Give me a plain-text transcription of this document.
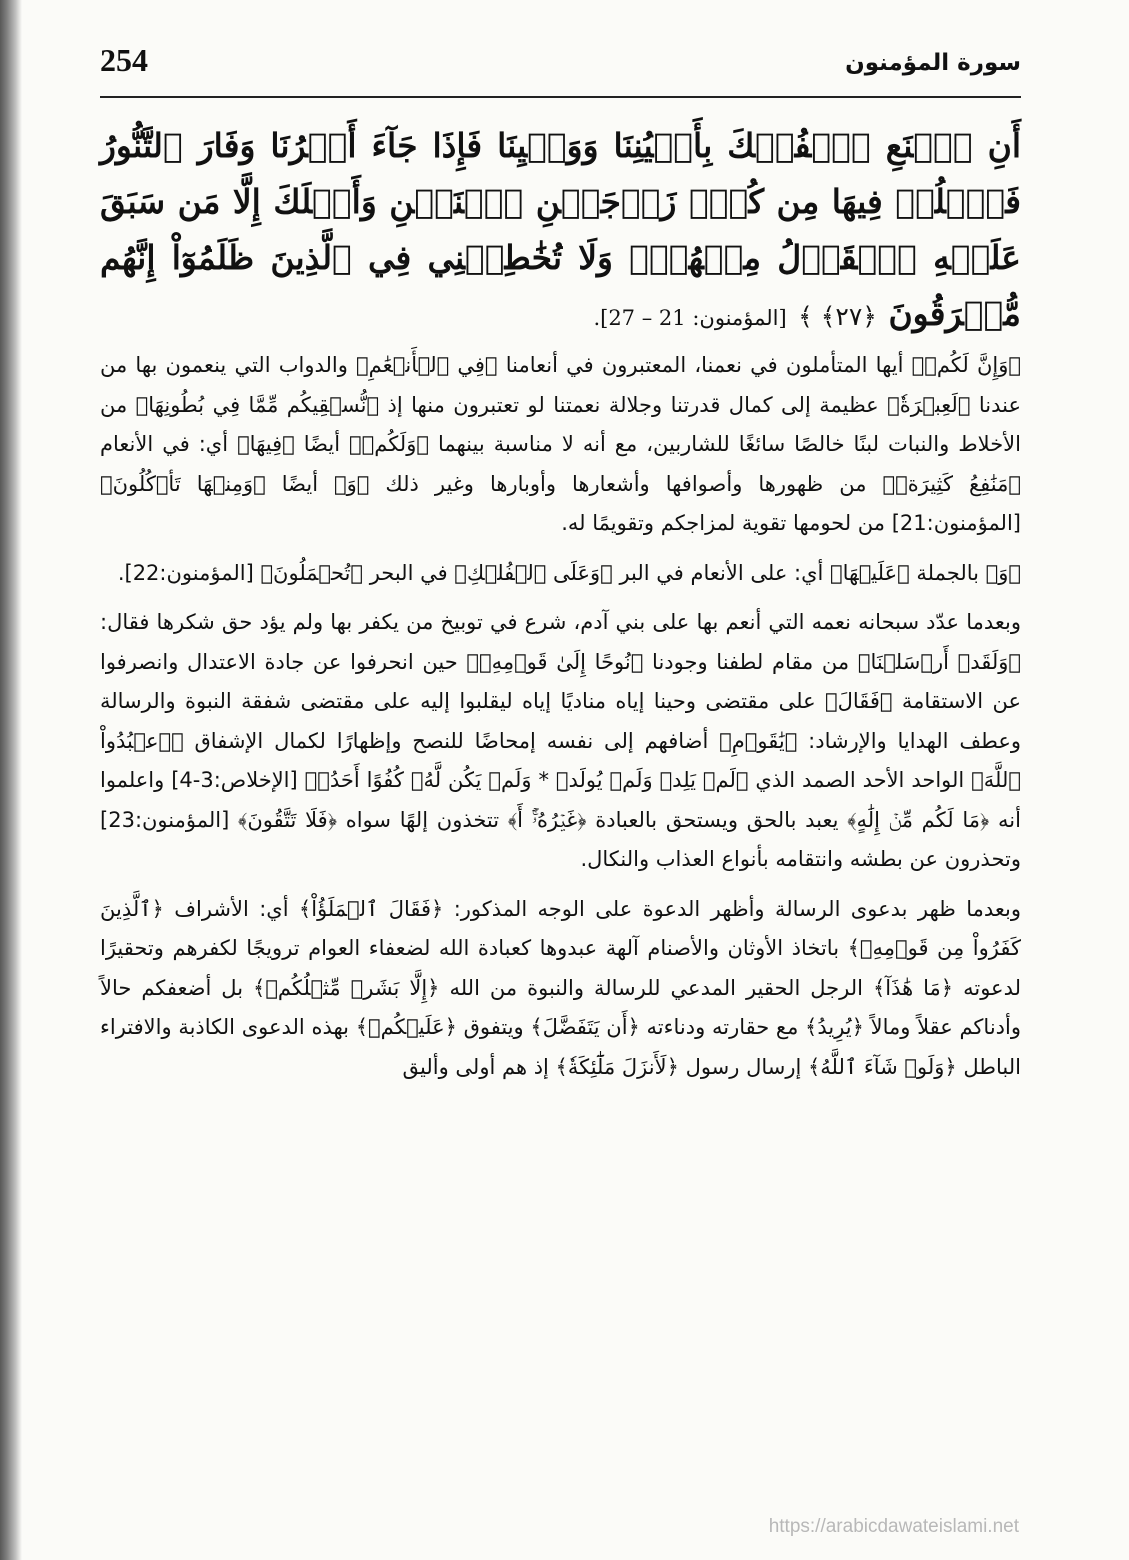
254	سورة المؤمنون

أَنِ ٱصۡنَعِ ٱلۡفُلۡكَ بِأَعۡيُنِنَا وَوَحۡيِنَا فَإِذَا جَآءَ أَمۡرُنَا وَفَارَ ٱلتَّنُّورُ فَٱسۡلُكۡ فِيهَا مِن كُلّٖ زَوۡجَيۡنِ ٱثۡنَيۡنِ وَأَهۡلَكَ إِلَّا مَن سَبَقَ عَلَيۡهِ ٱلۡقَوۡلُ مِنۡهُمۡۖ وَلَا تُخَٰطِبۡنِي فِي ٱلَّذِينَ ظَلَمُوٓاْ إِنَّهُم مُّغۡرَقُونَ ﴿٢٧﴾ ﴾ [المؤمنون: 21 – 27].

﴿وَإِنَّ لَكُمۡ﴾ أيها المتأملون في نعمنا، المعتبرون في أنعامنا ﴿فِي ٱلۡأَنۡعَٰمِ﴾ والدواب التي ينعمون بها من عندنا ﴿لَعِبۡرَةٗ﴾ عظيمة إلى كمال قدرتنا وجلالة نعمتنا لو تعتبرون منها إذ ﴿نُّسۡقِيكُم مِّمَّا فِي بُطُونِهَا﴾ من الأخلاط والنبات لبنًا خالصًا سائغًا للشاربين، مع أنه لا مناسبة بينهما ﴿وَلَكُمۡ﴾ أيضًا ﴿فِيهَا﴾ أي: في الأنعام ﴿مَنَٰفِعُ كَثِيرَةٞ﴾ من ظهورها وأصوافها وأشعارها وأوبارها وغير ذلك ﴿وَ﴾ أيضًا ﴿وَمِنۡهَا تَأۡكُلُونَ﴾ [المؤمنون:21] من لحومها تقوية لمزاجكم وتقويمًا له.

﴿وَ﴾ بالجملة ﴿عَلَيۡهَا﴾ أي: على الأنعام في البر ﴿وَعَلَى ٱلۡفُلۡكِ﴾ في البحر ﴿تُحۡمَلُونَ﴾ [المؤمنون:22].

وبعدما عدّد سبحانه نعمه التي أنعم بها على بني آدم، شرع في توبيخ من يكفر بها ولم يؤد حق شكرها فقال: ﴿وَلَقَدۡ أَرۡسَلۡنَا﴾ من مقام لطفنا وجودنا ﴿نُوحًا إِلَىٰ قَوۡمِهِۦ﴾ حين انحرفوا عن جادة الاعتدال وانصرفوا عن الاستقامة ﴿فَقَالَ﴾ على مقتضى وحينا إياه مناديًا إياه ليقلبوا إليه على مقتضى شفقة النبوة والرسالة وعطف الهدايا والإرشاد: ﴿يَٰقَوۡمِ﴾ أضافهم إلى نفسه إمحاضًا للنصح وإظهارًا لكمال الإشفاق ﴿ٱعۡبُدُواْ ٱللَّهَ﴾ الواحد الأحد الصمد الذي ﴿لَمۡ يَلِدۡ وَلَمۡ يُولَدۡ * وَلَمۡ يَكُن لَّهُۥ كُفُوًا أَحَدُۢ﴾ [الإخلاص:3-4] واعلموا أنه ﴿مَا لَكُم مِّنۡ إِلَٰهٍ﴾ يعبد بالحق ويستحق بالعبادة ﴿غَيۡرُهُۥٓۚ أَ﴾ تتخذون إلهًا سواه ﴿فَلَا تَتَّقُونَ﴾ [المؤمنون:23] وتحذرون عن بطشه وانتقامه بأنواع العذاب والنكال.

وبعدما ظهر بدعوى الرسالة وأظهر الدعوة على الوجه المذكور: ﴿فَقَالَ ٱلۡمَلَؤُاْ﴾ أي: الأشراف ﴿ٱلَّذِينَ كَفَرُواْ مِن قَوۡمِهِۦ﴾ باتخاذ الأوثان والأصنام آلهة عبدوها كعبادة الله لضعفاء العوام ترويجًا لكفرهم وتحقيرًا لدعوته ﴿مَا هَٰذَآ﴾ الرجل الحقير المدعي للرسالة والنبوة من الله ﴿إِلَّا بَشَرٞ مِّثۡلُكُمۡ﴾ بل أضعفكم حالاً وأدناكم عقلاً ومالاً ﴿يُرِيدُ﴾ مع حقارته ودناءته ﴿أَن يَتَفَضَّلَ﴾ ويتفوق ﴿عَلَيۡكُمۡ﴾ بهذه الدعوى الكاذبة والافتراء الباطل ﴿وَلَوۡ شَآءَ ٱللَّهُ﴾ إرسال رسول ﴿لَأَنزَلَ مَلَٰٓئِكَةٗ﴾ إذ هم أولى وأليق

https://arabicdawateislami.net
